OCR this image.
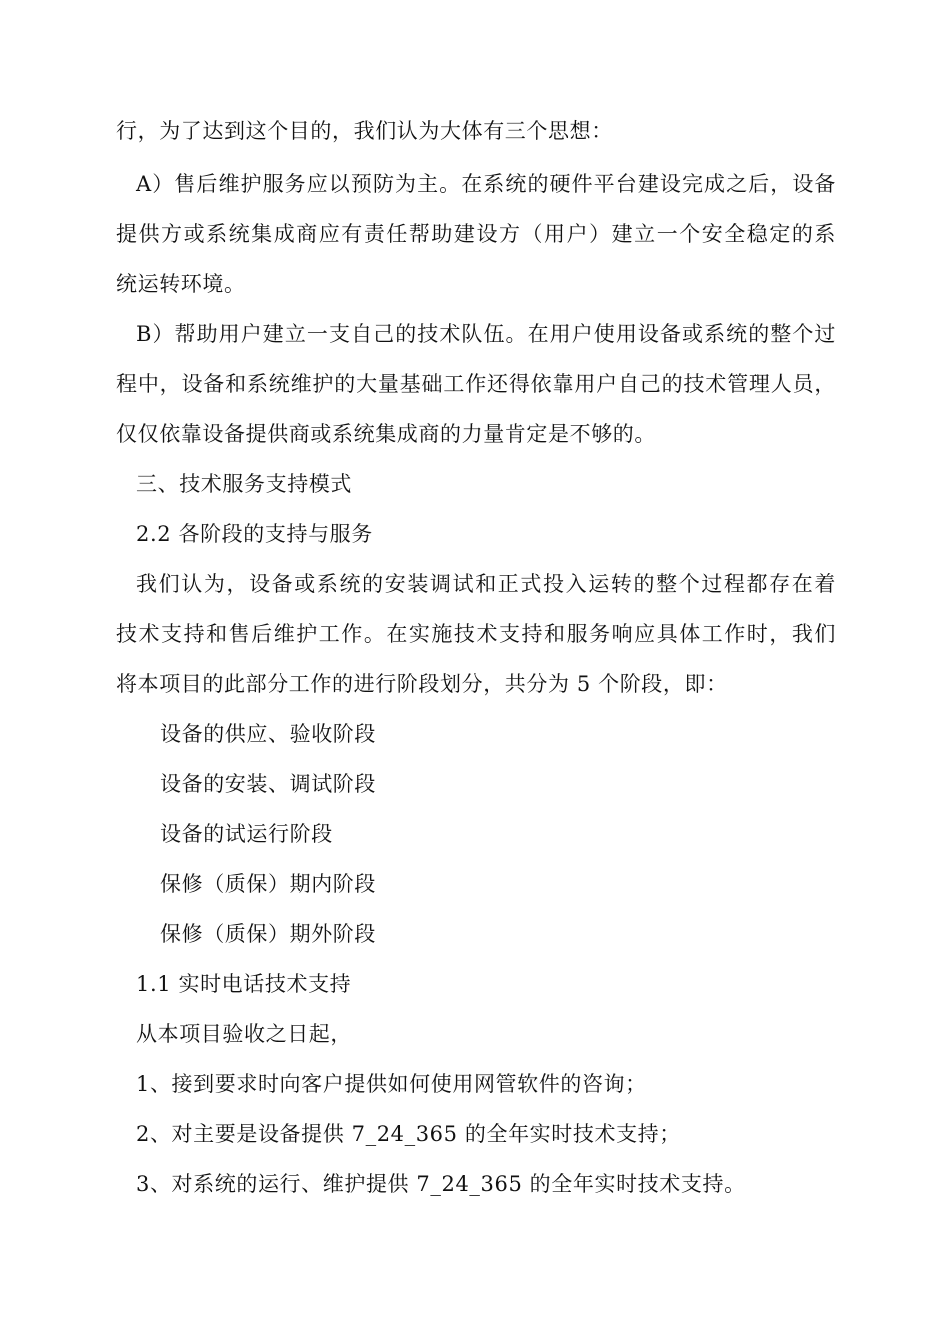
行，为了达到这个目的，我们认为大体有三个思想：
A）售后维护服务应以预防为主。在系统的硬件平台建设完成之后，设备
提供方或系统集成商应有责任帮助建设方（用户）建立一个安全稳定的系
统运转环境。
B）帮助用户建立一支自己的技术队伍。在用户使用设备或系统的整个过
程中，设备和系统维护的大量基础工作还得依靠用户自己的技术管理人员，
仅仅依靠设备提供商或系统集成商的力量肯定是不够的。
三、技术服务支持模式
2.2 各阶段的支持与服务
我们认为，设备或系统的安装调试和正式投入运转的整个过程都存在着
技术支持和售后维护工作。在实施技术支持和服务响应具体工作时，我们
将本项目的此部分工作的进行阶段划分，共分为 5 个阶段，即：
设备的供应、验收阶段
设备的安装、调试阶段
设备的试运行阶段
保修（质保）期内阶段
保修（质保）期外阶段
1.1 实时电话技术支持
从本项目验收之日起，
1、接到要求时向客户提供如何使用网管软件的咨询；
2、对主要是设备提供 7_24_365 的全年实时技术支持；
3、对系统的运行、维护提供 7_24_365 的全年实时技术支持。
